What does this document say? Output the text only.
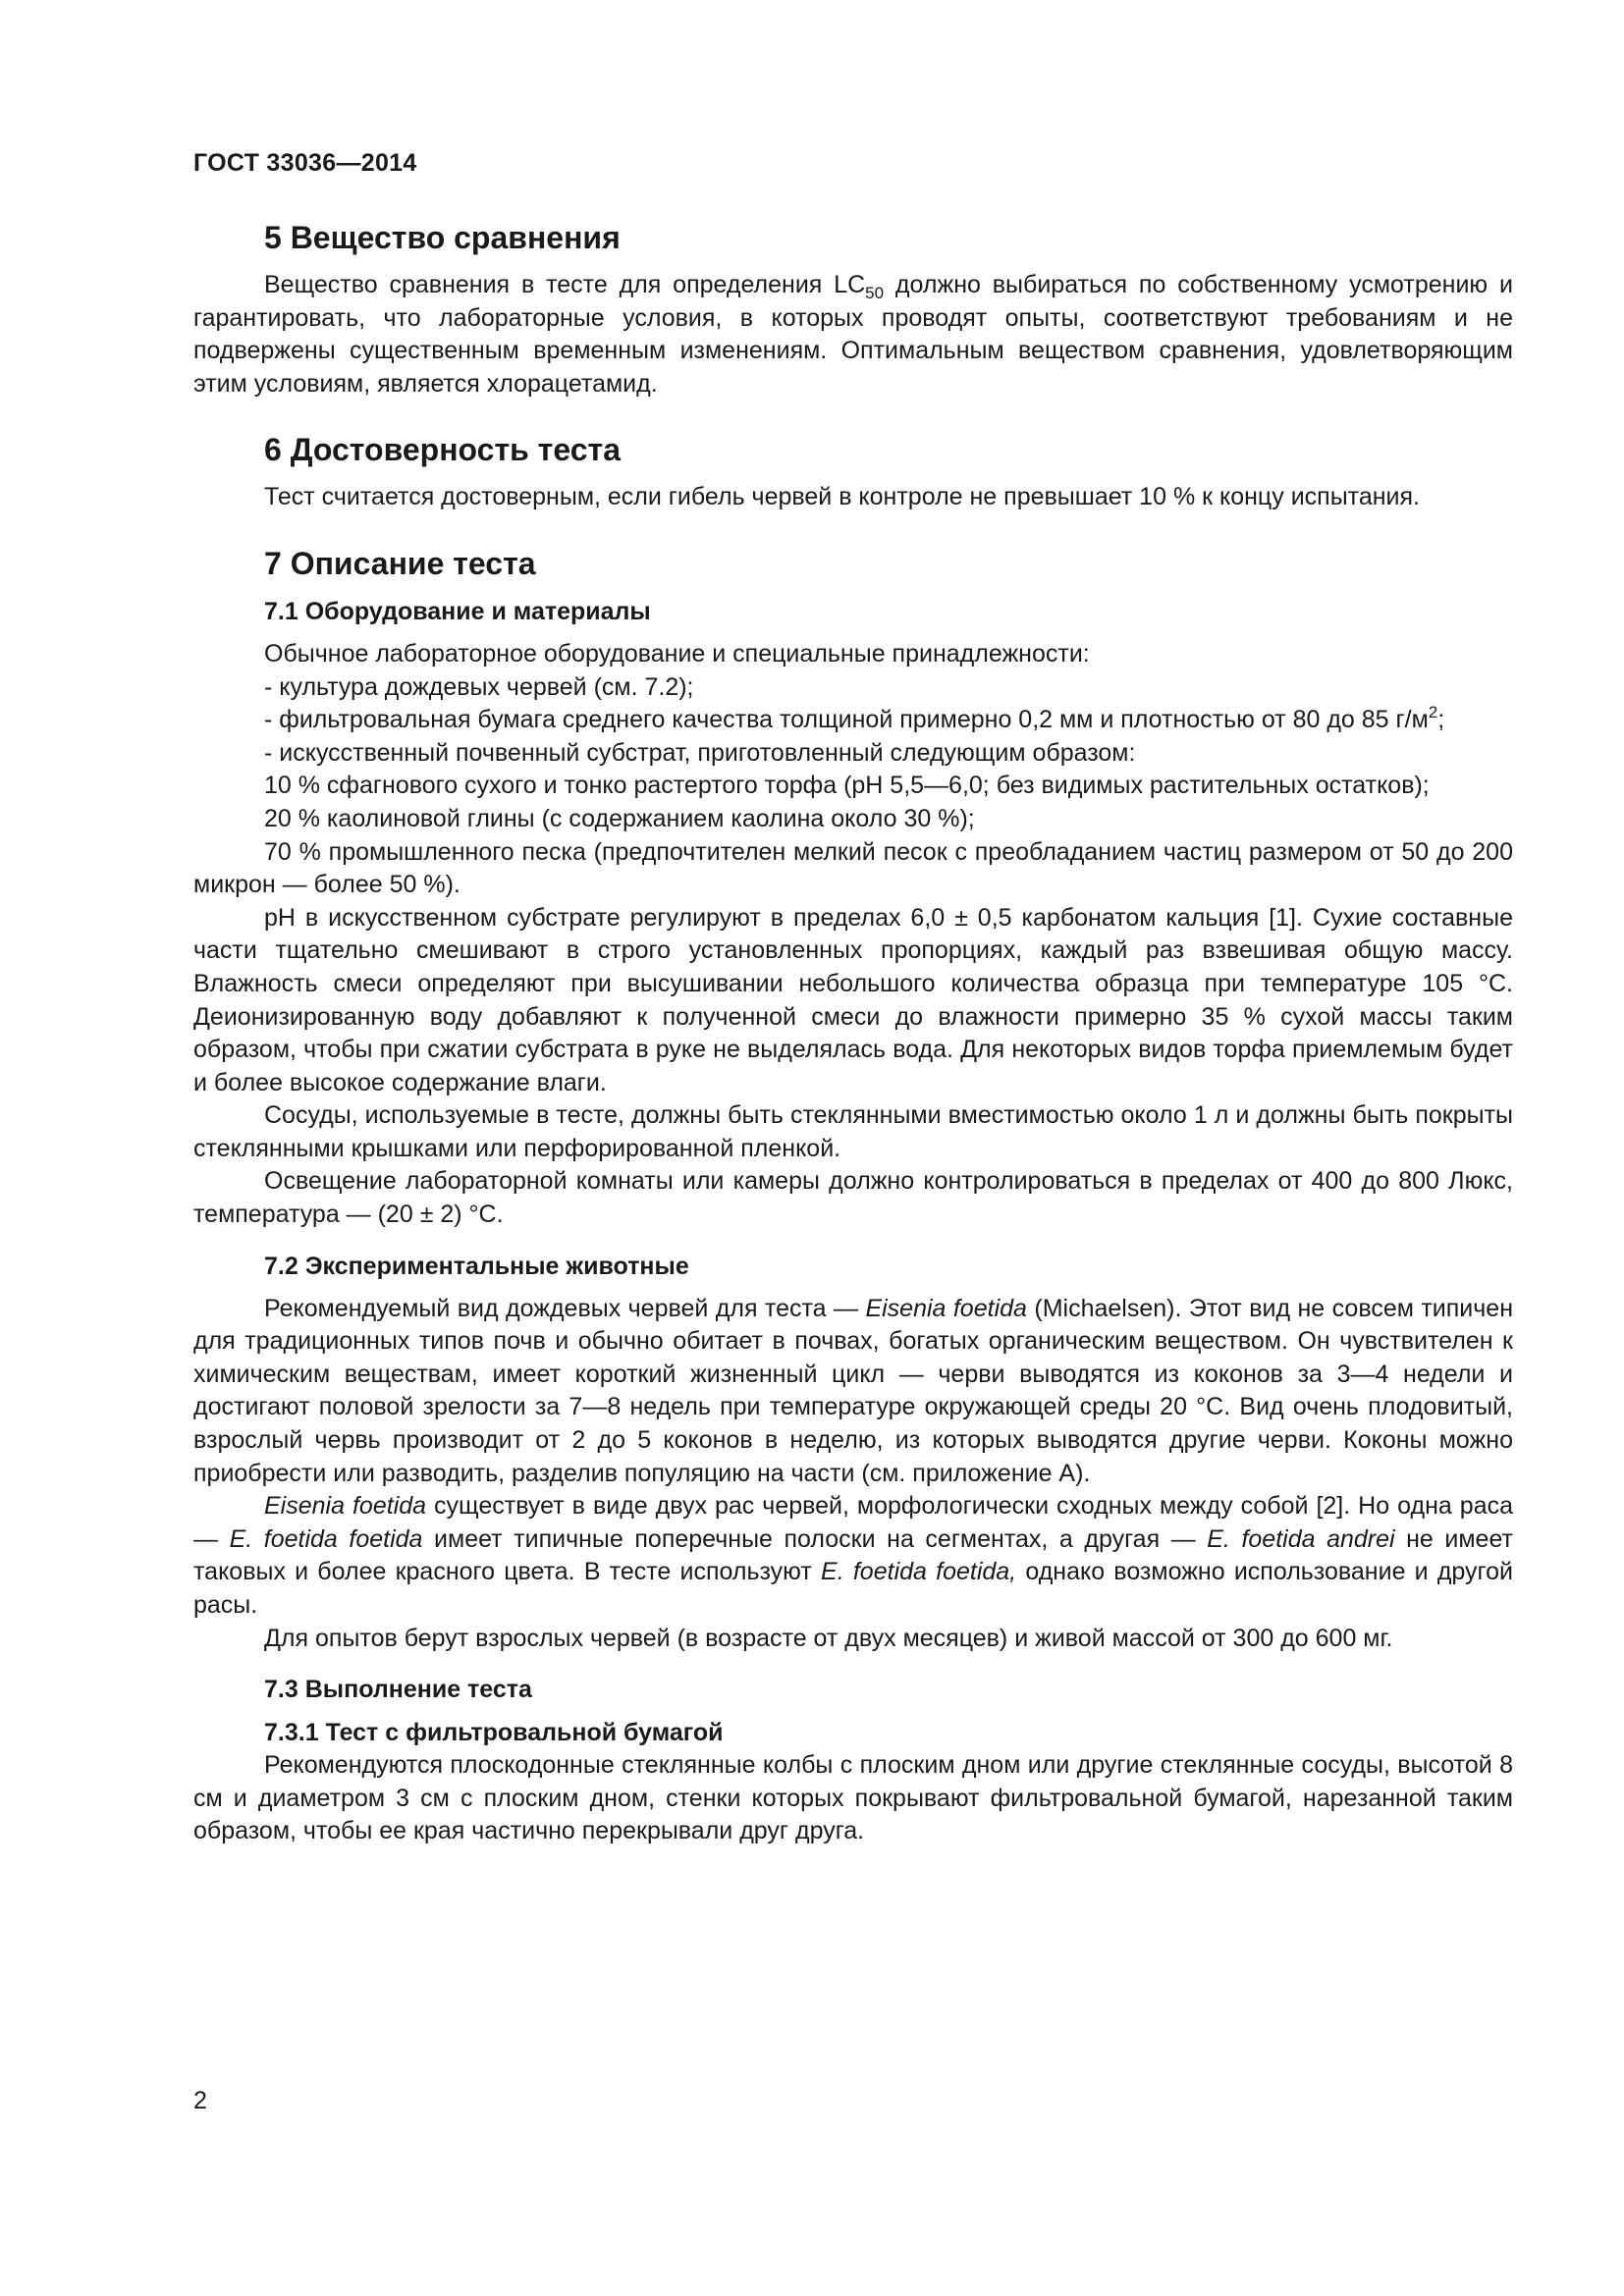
ГОСТ 33036—2014
5 Вещество сравнения

Вещество сравнения в тесте для определения $LC_{50}$ должно выбираться по собственному усмотрению и гарантировать, что лабораторные условия, в которых проводят опыты, соответствуют требованиям и не подвержены существенным временным изменениям. Оптимальным веществом сравнения, удовлетворяющим этим условиям, является хлорацетамид.

6 Достоверность теста

Тест считается достоверным, если гибель червей в контроле не превышает 10 % к концу испытания.

7 Описание теста
7.1 Оборудование и материалы

Обычное лабораторное оборудование и специальные принадлежности:

- культура дождевых червей (см. 7.2);

- фильтровальная бумага среднего качества толщиной примерно 0,2 мм и плотностью от 80 до 85 $г/м^2$;

- искусственный почвенный субстрат, приготовленный следующим образом:

10 % сфагнового сухого и тонко растертого торфа (pH 5,5—6,0; без видимых растительных остатков);

20 % каолиновой глины (с содержанием каолина около 30 %);

70 % промышленного песка (предпочтителен мелкий песок с преобладанием частиц размером от 50 до 200 микрон — более 50 %).

pH в искусственном субстрате регулируют в пределах 6,0 ± 0,5 карбонатом кальция [1]. Сухие составные части тщательно смешивают в строго установленных пропорциях, каждый раз взвешивая общую массу. Влажность смеси определяют при высушивании небольшого количества образца при температуре 105 °С. Деионизированную воду добавляют к полученной смеси до влажности примерно 35 % сухой массы таким образом, чтобы при сжатии субстрата в руке не выделялась вода. Для некоторых видов торфа приемлемым будет и более высокое содержание влаги.

Сосуды, используемые в тесте, должны быть стеклянными вместимостью около 1 л и должны быть покрыты стеклянными крышками или перфорированной пленкой.

Освещение лабораторной комнаты или камеры должно контролироваться в пределах от 400 до 800 Люкс, температура — (20 ± 2) °С.

7.2 Экспериментальные животные

Рекомендуемый вид дождевых червей для теста — Eisenia foetida (Michaelsen). Этот вид не совсем типичен для традиционных типов почв и обычно обитает в почвах, богатых органическим веществом. Он чувствителен к химическим веществам, имеет короткий жизненный цикл — черви выводятся из коконов за 3—4 недели и достигают половой зрелости за 7—8 недель при температуре окружающей среды 20 °С. Вид очень плодовитый, взрослый червь производит от 2 до 5 коконов в неделю, из которых выводятся другие черви. Коконы можно приобрести или разводить, разделив популяцию на части (см. приложение А).

Eisenia foetida существует в виде двух рас червей, морфологически сходных между собой [2]. Но одна раса — E. foetida foetida имеет типичные поперечные полоски на сегментах, а другая — E. foetida andrei не имеет таковых и более красного цвета. В тесте используют E. foetida foetida, однако возможно использование и другой расы.

Для опытов берут взрослых червей (в возрасте от двух месяцев) и живой массой от 300 до 600 мг.

7.3 Выполнение теста
7.3.1 Тест с фильтровальной бумагой

Рекомендуются плоскодонные стеклянные колбы с плоским дном или другие стеклянные сосуды, высотой 8 см и диаметром 3 см с плоским дном, стенки которых покрывают фильтровальной бумагой, нарезанной таким образом, чтобы ее края частично перекрывали друг друга.

2
